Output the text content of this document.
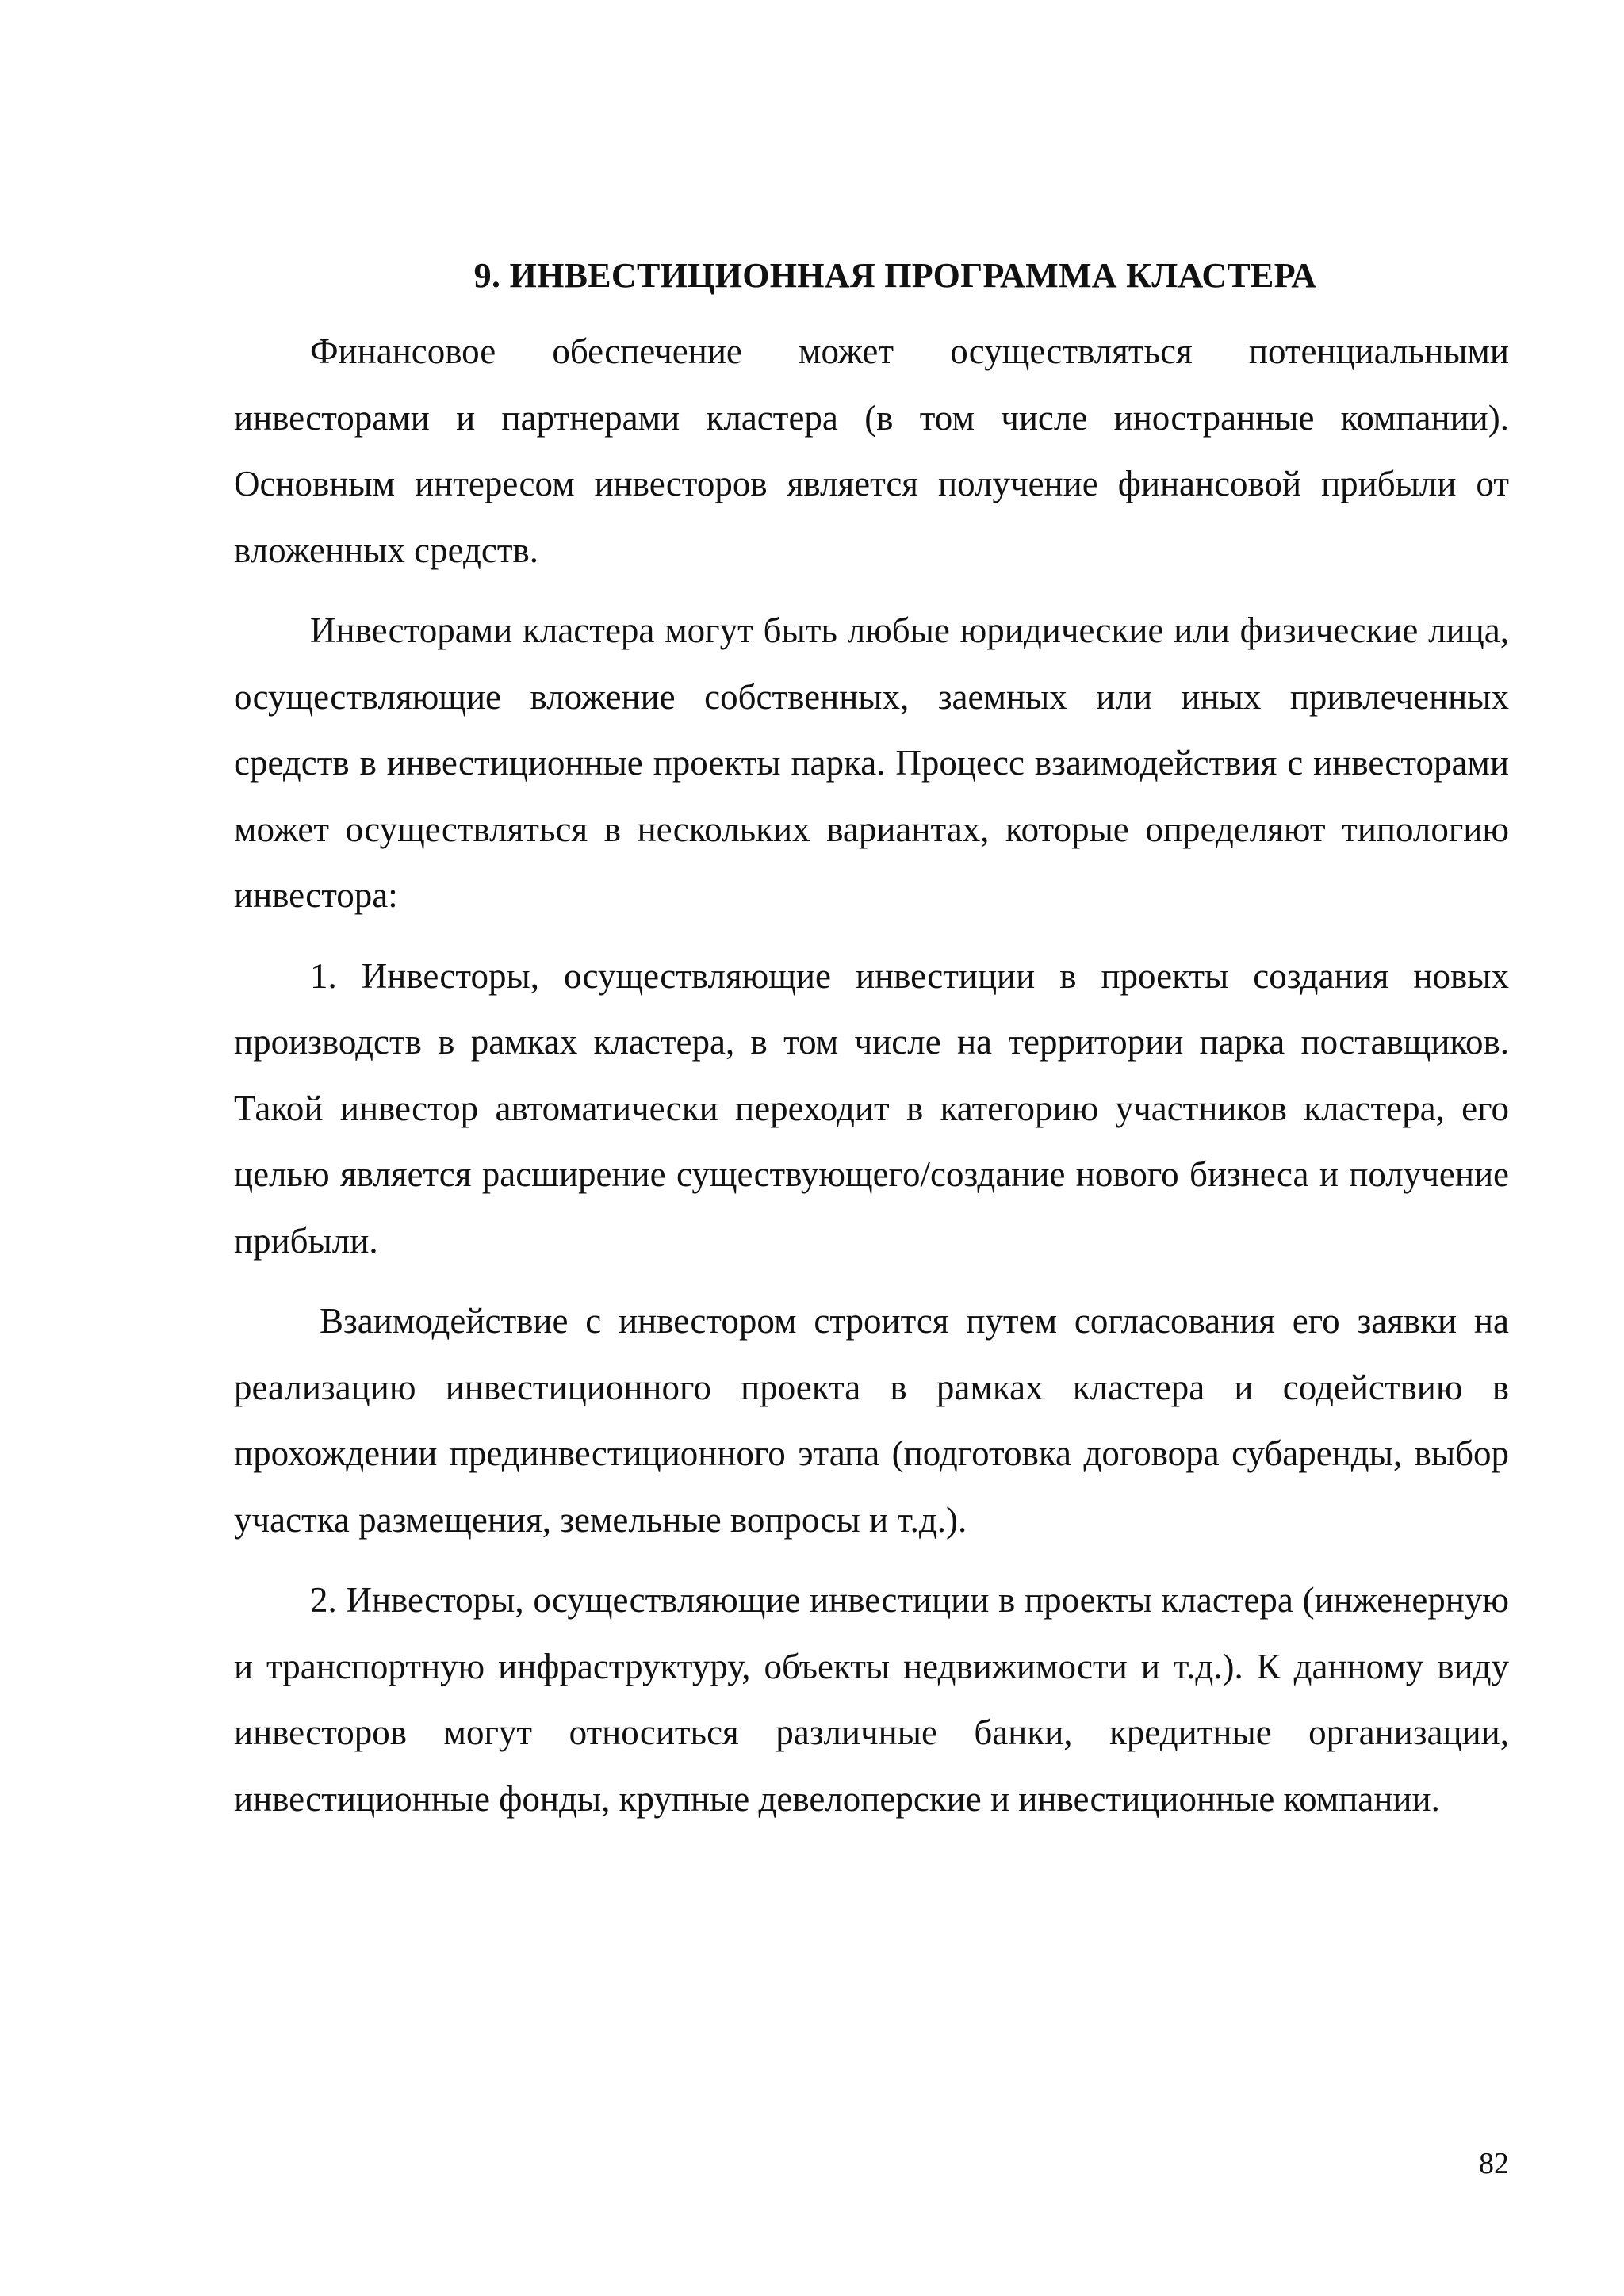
9. ИНВЕСТИЦИОННАЯ ПРОГРАММА КЛАСТЕРА

Финансовое обеспечение может осуществляться потенциальными инвесторами и партнерами кластера (в том числе иностранные компании). Основным интересом инвесторов является получение финансовой прибыли от вложенных средств.

Инвесторами кластера могут быть любые юридические или физические лица, осуществляющие вложение собственных, заемных или иных привлеченных средств в инвестиционные проекты парка. Процесс взаимодействия с инвесторами может осуществляться в нескольких вариантах, которые определяют типологию инвестора:

1. Инвесторы, осуществляющие инвестиции в проекты создания новых производств в рамках кластера, в том числе на территории парка поставщиков. Такой инвестор автоматически переходит в категорию участников кластера, его целью является расширение существующего/создание нового бизнеса и получение прибыли.

Взаимодействие с инвестором строится путем согласования его заявки на реализацию инвестиционного проекта в рамках кластера и содействию в прохождении прединвестиционного этапа (подготовка договора субаренды, выбор участка размещения, земельные вопросы и т.д.).

2. Инвесторы, осуществляющие инвестиции в проекты кластера (инженерную и транспортную инфраструктуру, объекты недвижимости и т.д.). К данному виду инвесторов могут относиться различные банки, кредитные организации, инвестиционные фонды, крупные девелоперские и инвестиционные компании.

82
